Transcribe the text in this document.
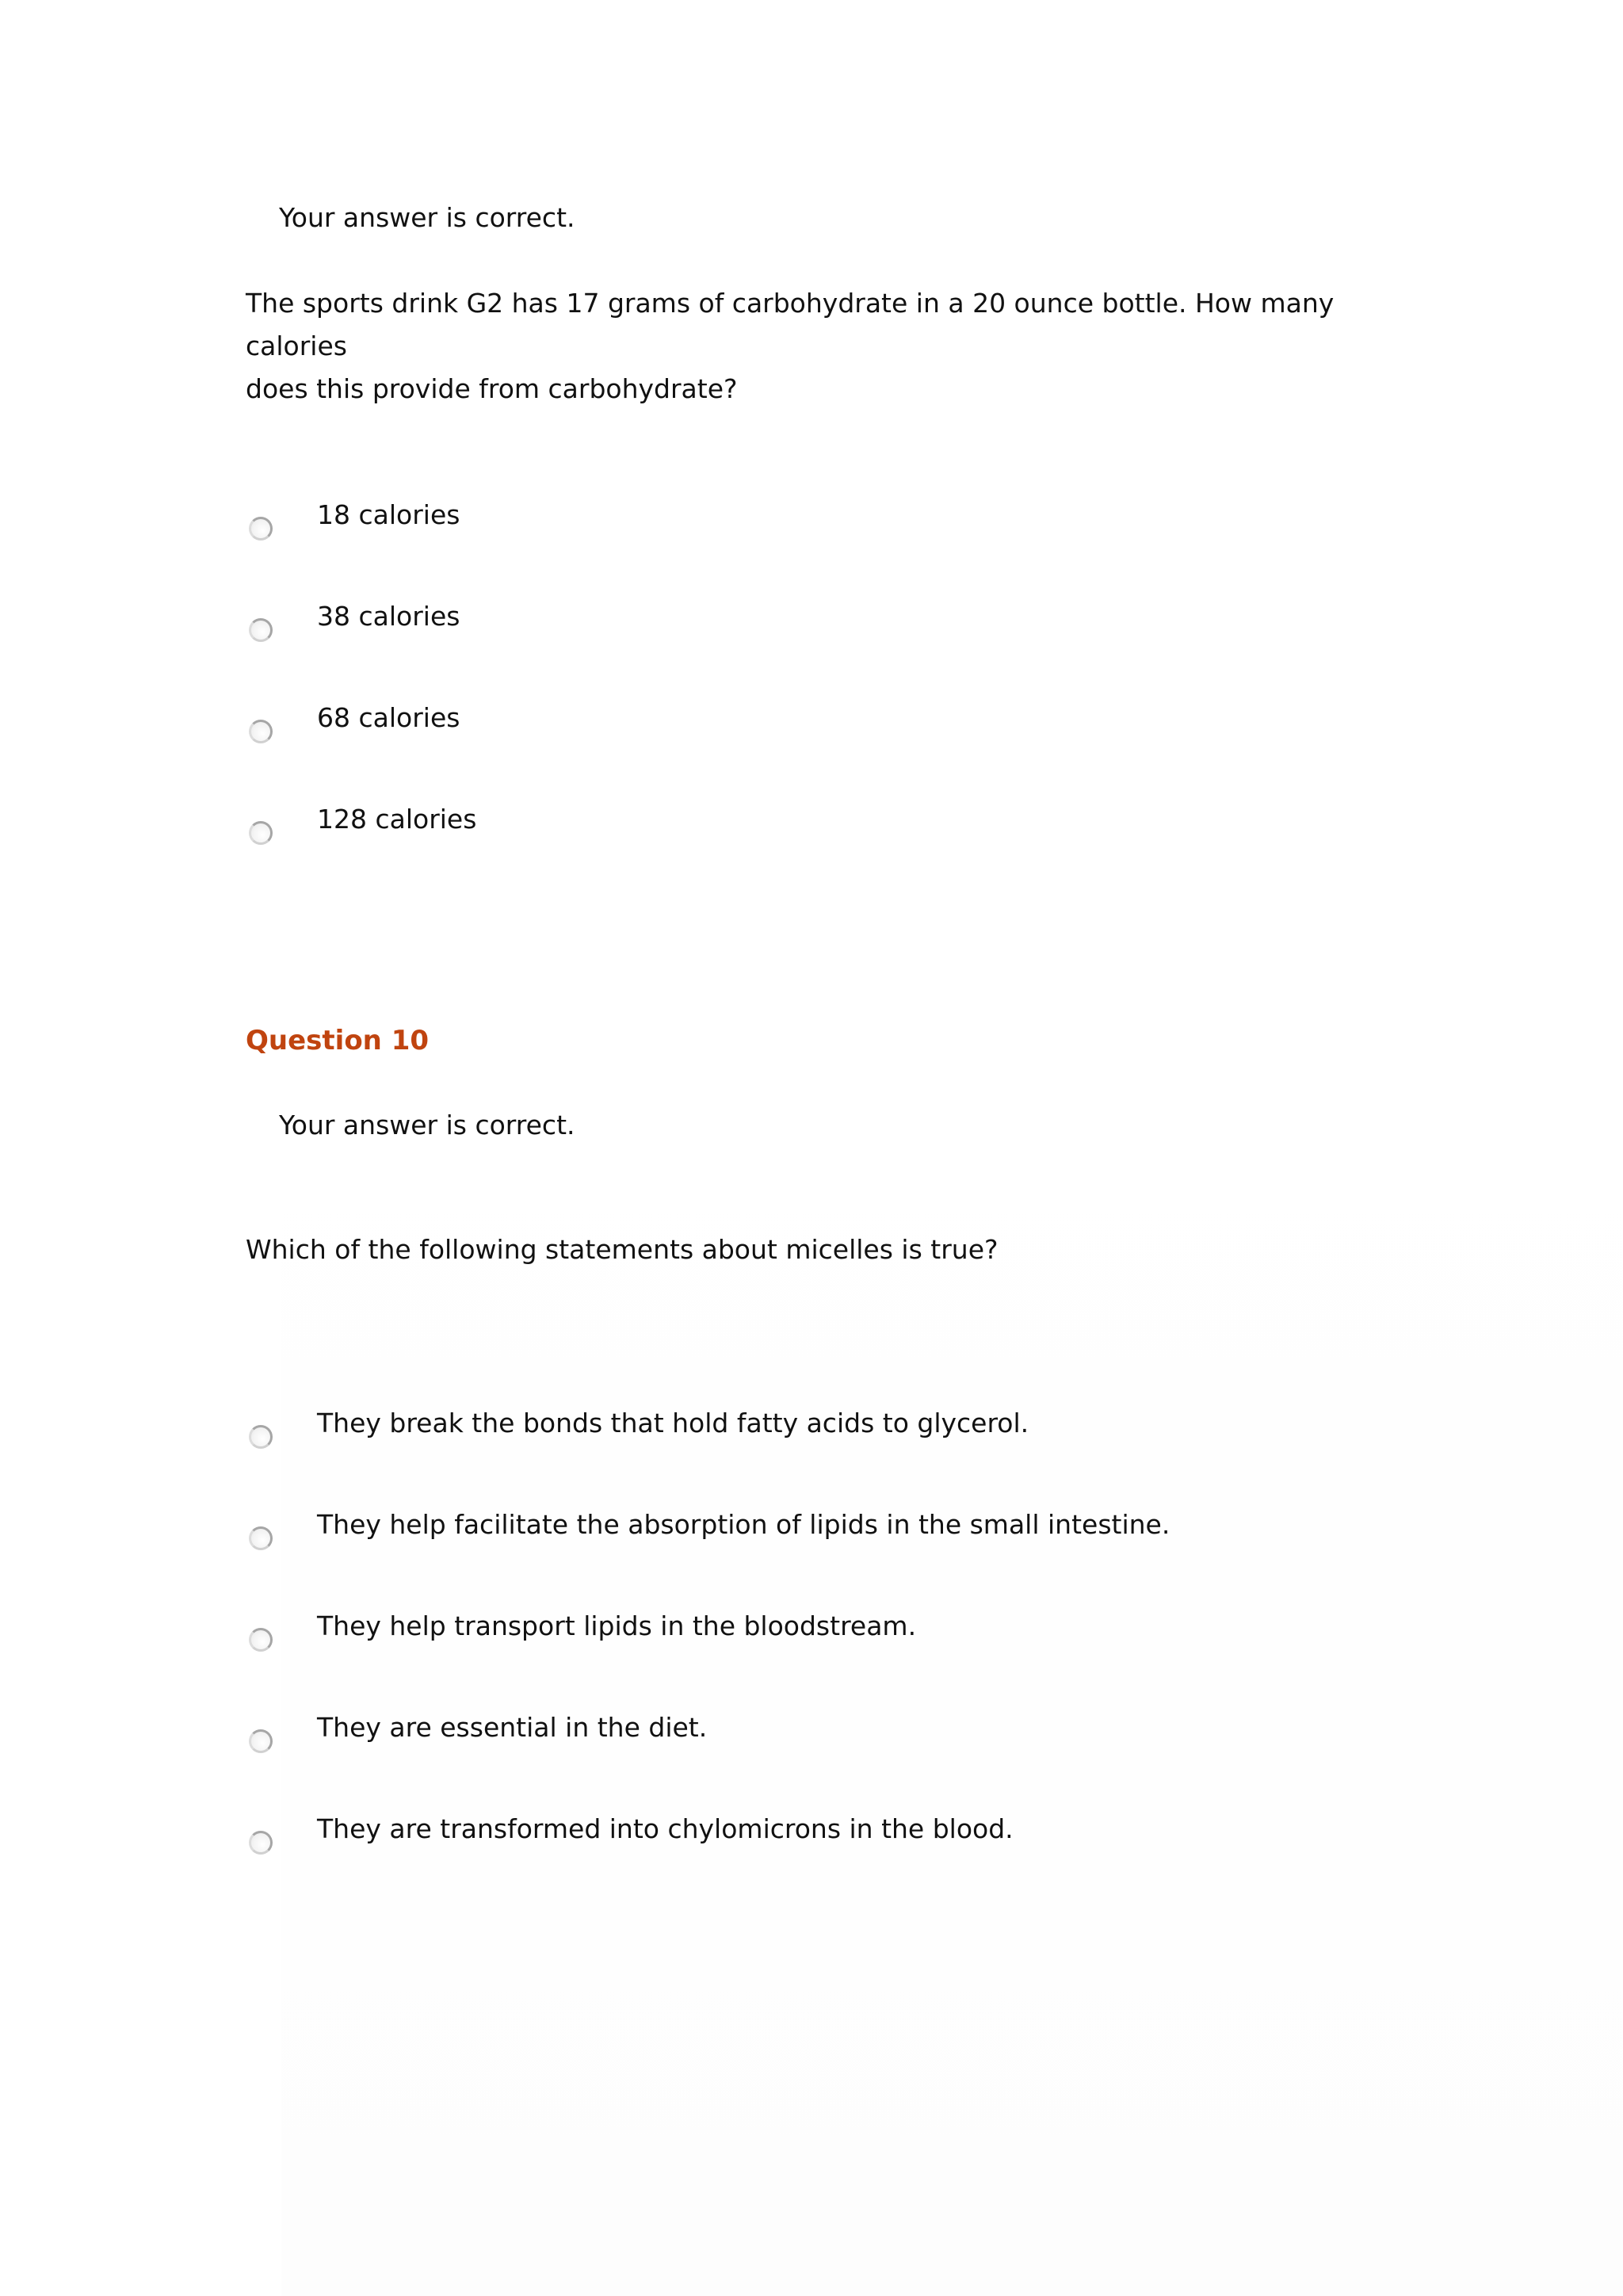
Your answer is correct.
The sports drink G2 has 17 grams of carbohydrate in a 20 ounce bottle. How many calories
does this provide from carbohydrate?
18 calories
38 calories
68 calories
128 calories
Question 10
Your answer is correct.
Which of the following statements about micelles is true?
They break the bonds that hold fatty acids to glycerol.
They help facilitate the absorption of lipids in the small intestine.
They help transport lipids in the bloodstream.
They are essential in the diet.
They are transformed into chylomicrons in the blood.
